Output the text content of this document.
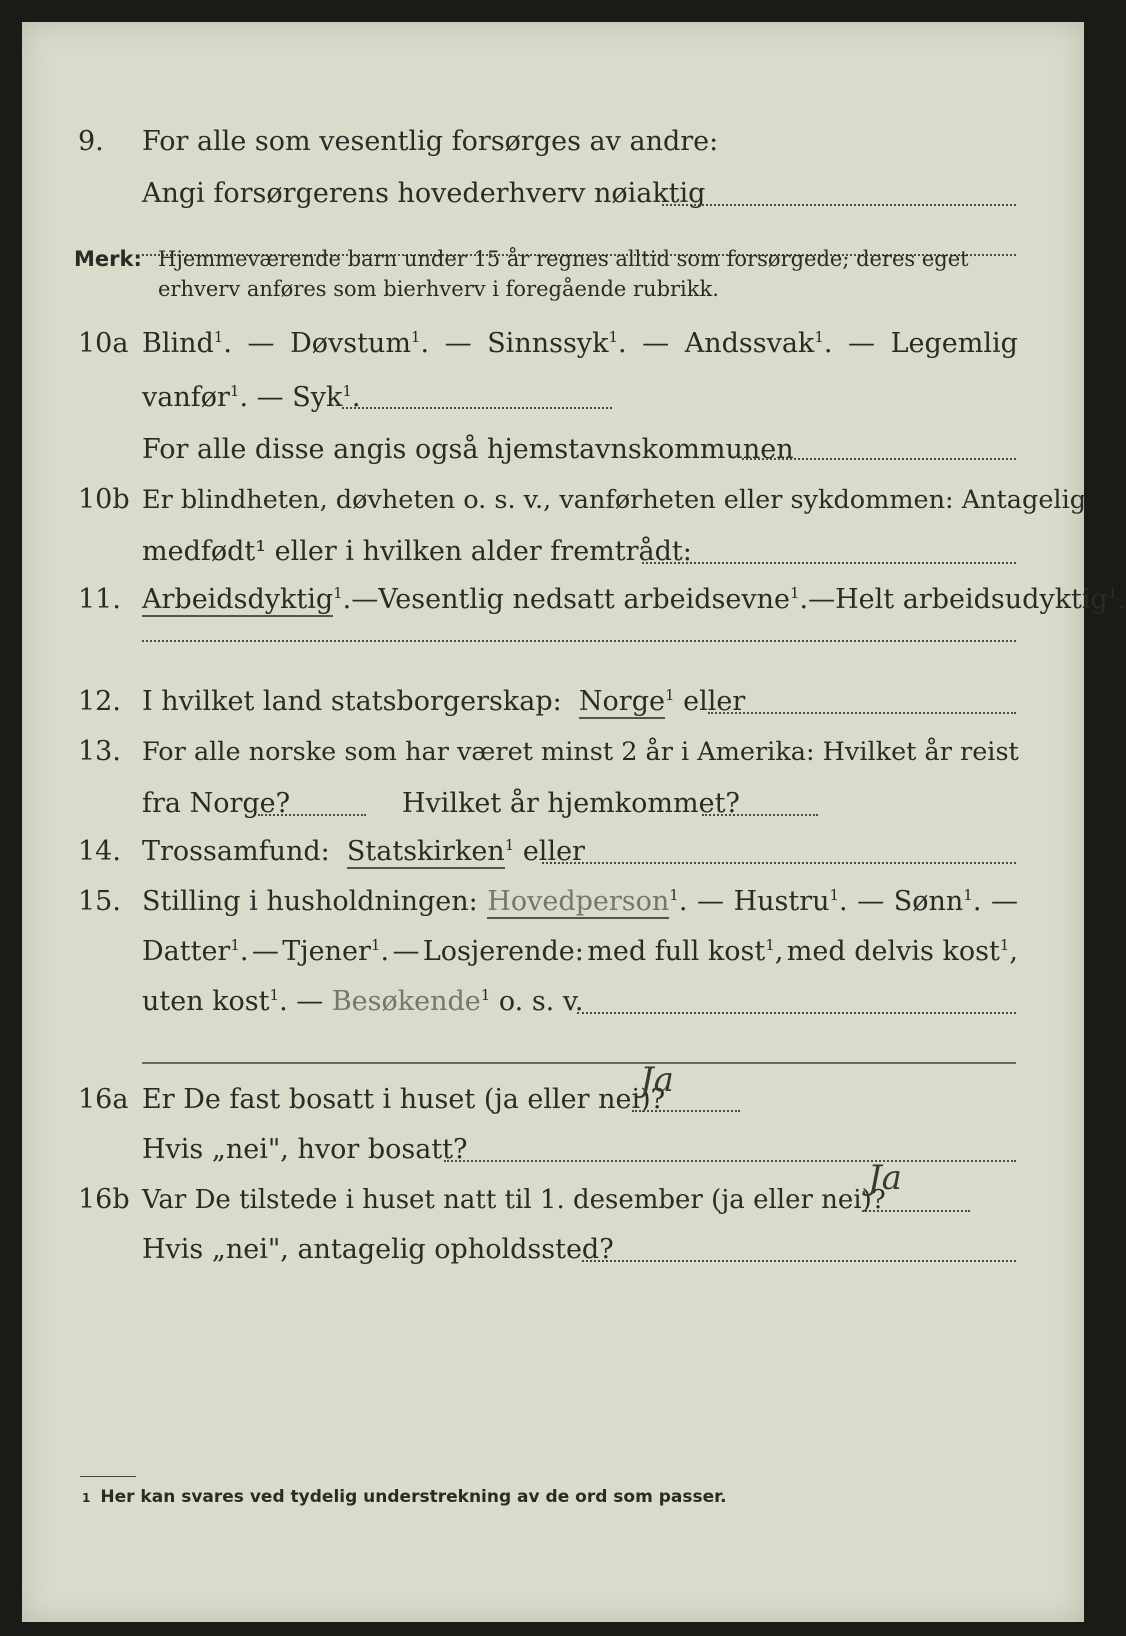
9. For alle som vesentlig forsørges av andre:
Angi forsørgerens hovederhverv nøiaktig
Merk: Hjemmeværende barn under 15 år regnes alltid som forsørgede; deres eget erhverv anføres som bierhverv i foregående rubrikk.
10a Blind$^1$. — Døvstum$^1$. — Sinnssyk$^1$. — Andssvak$^1$. — Legemlig
vanfør$^1$. — Syk$^1$.
For alle disse angis også hjemstavnskommunen
10b Er blindheten, døvheten o. s. v., vanførheten eller sykdommen: Antagelig
medfødt¹ eller i hvilken alder fremtrådt:
11. Arbeidsdyktig$^1$. — Vesentlig nedsatt arbeidsevne$^1$. — Helt arbeidsudyktig$^1$.
12. I hvilket land statsborgerskap: Norge$^1$ eller
13. For alle norske som har været minst 2 år i Amerika: Hvilket år reist
fra Norge?	Hvilket år hjemkommet?
14. Trossamfund: Statskirken$^1$ eller
15. Stilling i husholdningen: Hovedperson$^1$. — Hustru$^1$. — Sønn$^1$. —
Datter$^1$. — Tjener$^1$. — Losjerende: med full kost$^1$, med delvis kost$^1$,
uten kost$^1$. — Besøkende$^1$ o. s. v.
16a Er De fast bosatt i huset (ja eller nei)?
Ja
Hvis „nei", hvor bosatt?
16b Var De tilstede i huset natt til 1. desember (ja eller nei)?
Ja
Hvis „nei", antagelig opholdssted?
1 Her kan svares ved tydelig understrekning av de ord som passer.
